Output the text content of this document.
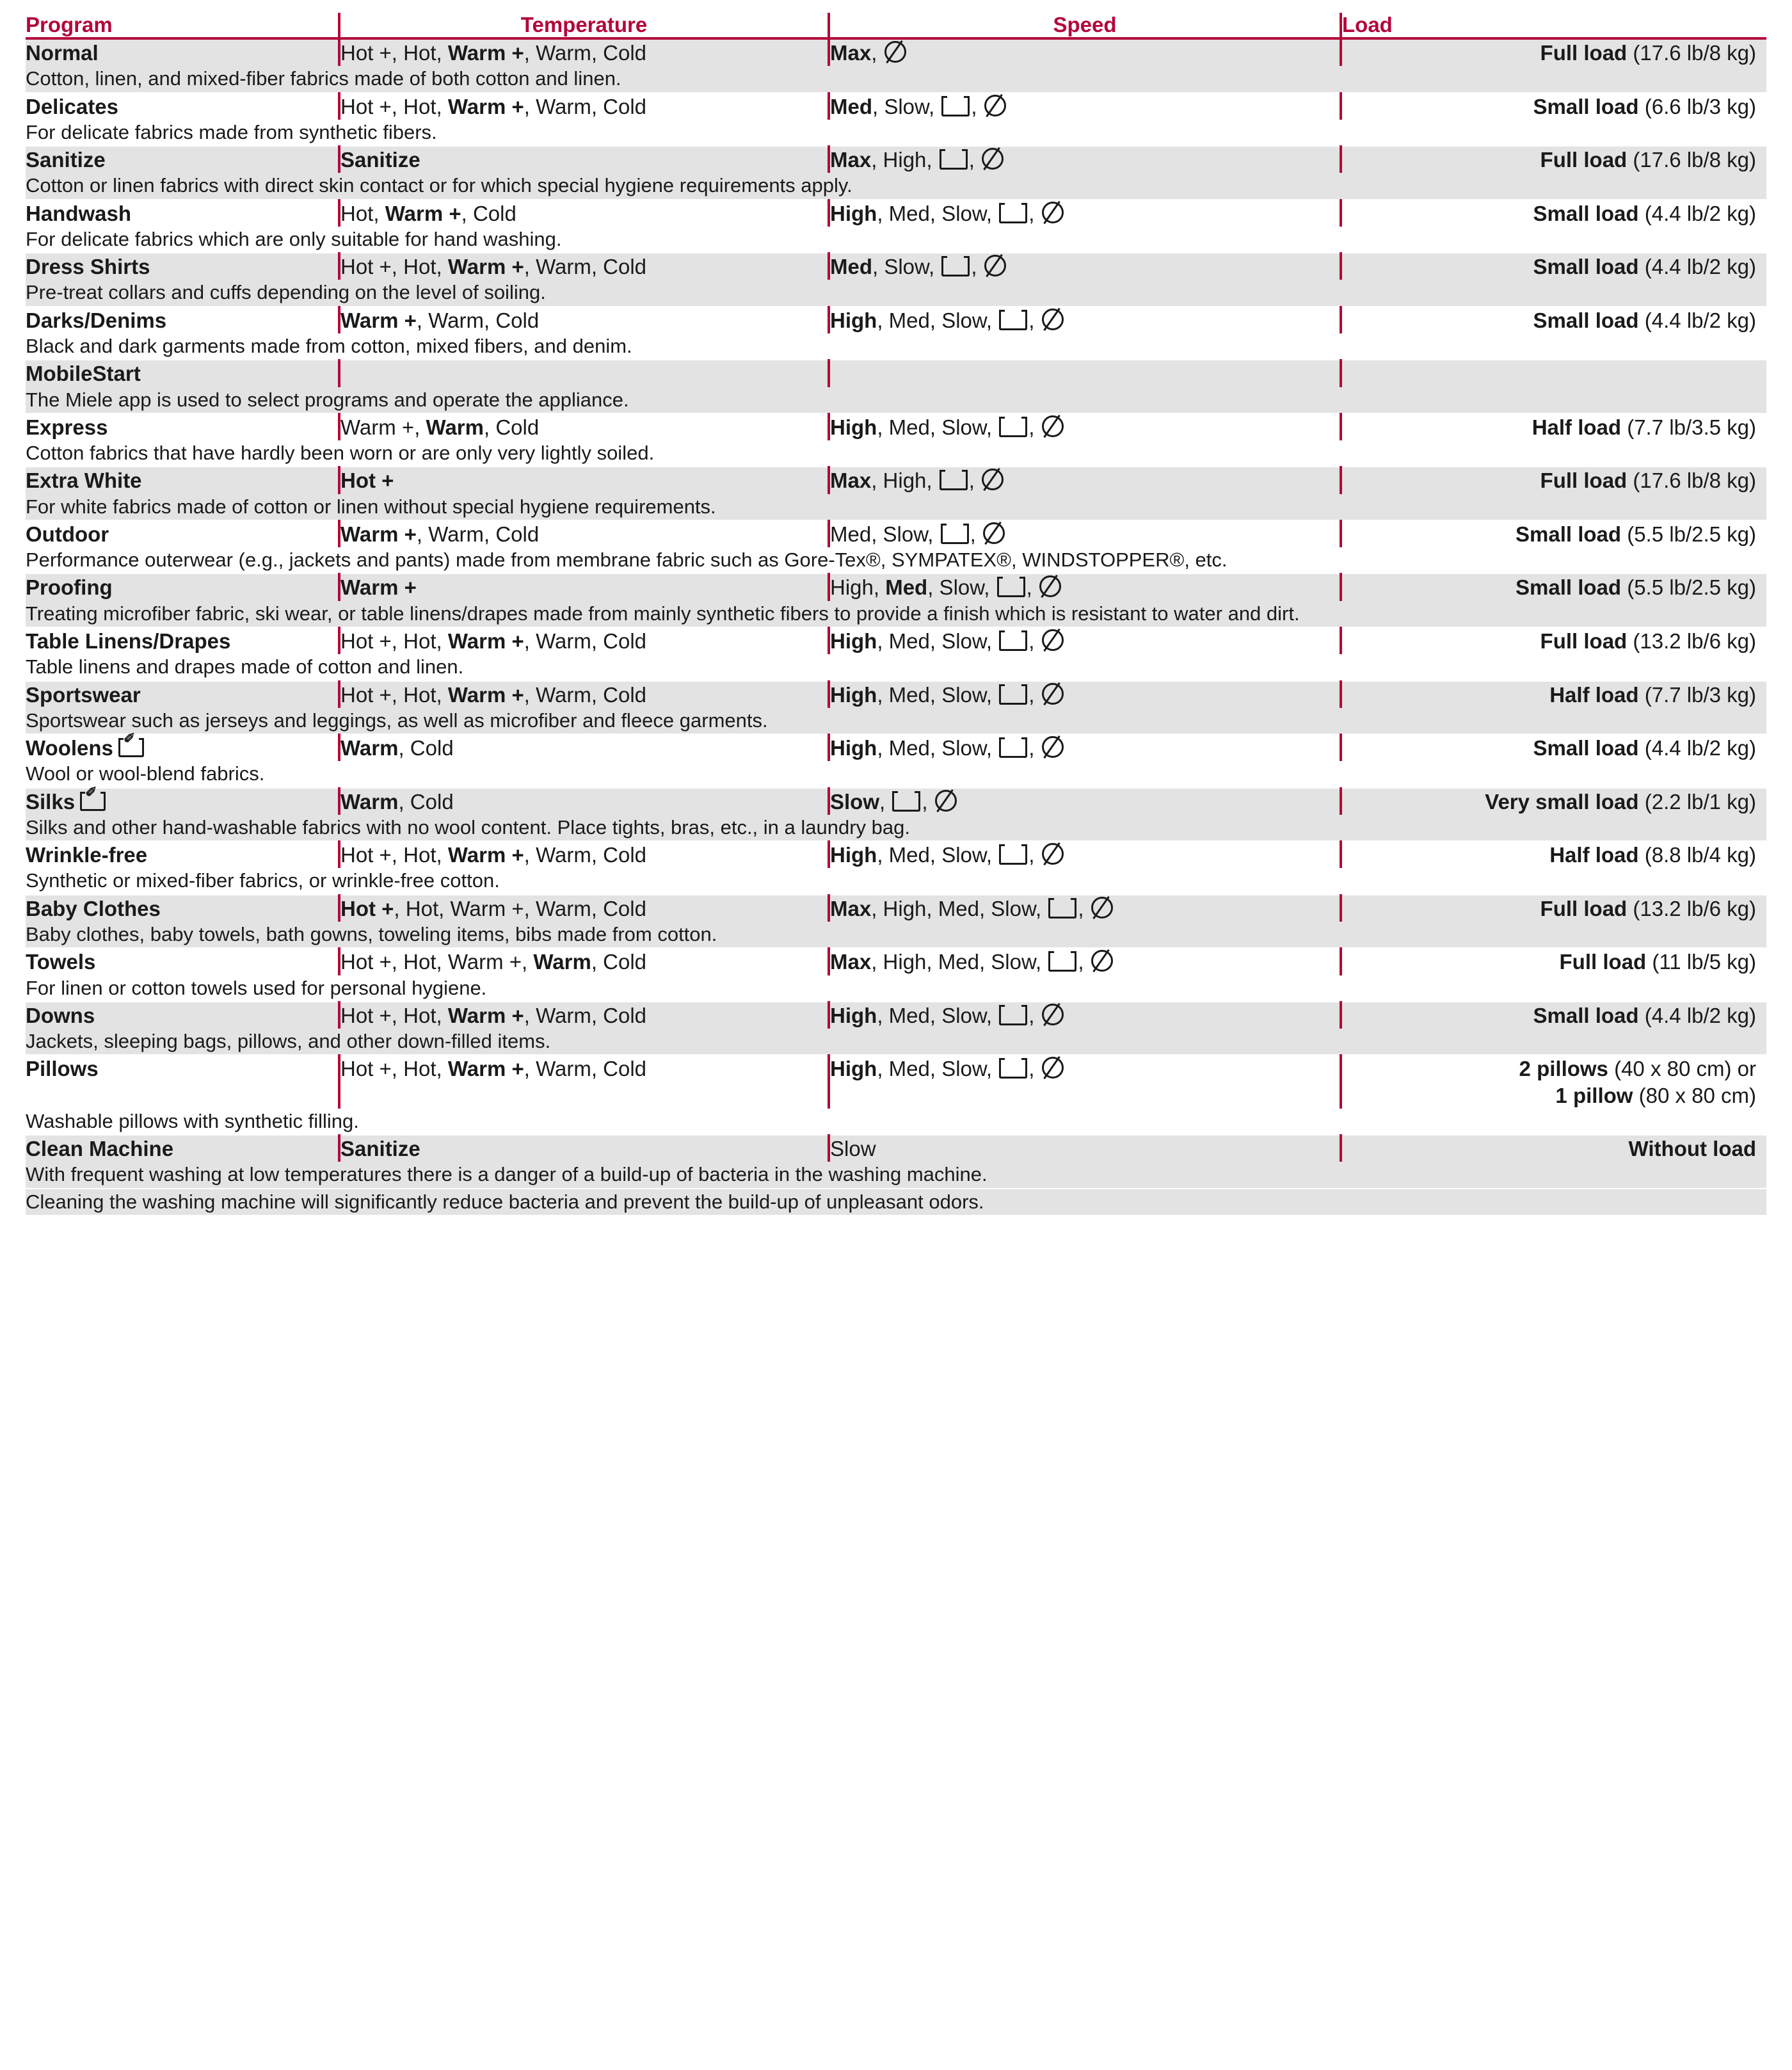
Program	Temperature	Speed	Load
Normal	Hot +, Hot, Warm +, Warm, Cold	Max,	Full load (17.6 lb/8 kg)
Cotton, linen, and mixed-fiber fabrics made of both cotton and linen.			
Delicates	Hot +, Hot, Warm +, Warm, Cold	Med, Slow, ,	Small load (6.6 lb/3 kg)
For delicate fabrics made from synthetic fibers.			
Sanitize	Sanitize	Max, High, ,	Full load (17.6 lb/8 kg)
Cotton or linen fabrics with direct skin contact or for which special hygiene requirements apply.			
Handwash	Hot, Warm +, Cold	High, Med, Slow, ,	Small load (4.4 lb/2 kg)
For delicate fabrics which are only suitable for hand washing.			
Dress Shirts	Hot +, Hot, Warm +, Warm, Cold	Med, Slow, ,	Small load (4.4 lb/2 kg)
Pre-treat collars and cuffs depending on the level of soiling.			
Darks/Denims	Warm +, Warm, Cold	High, Med, Slow, ,	Small load (4.4 lb/2 kg)
Black and dark garments made from cotton, mixed fibers, and denim.			
MobileStart			
The Miele app is used to select programs and operate the appliance.			
Express	Warm +, Warm, Cold	High, Med, Slow, ,	Half load (7.7 lb/3.5 kg)
Cotton fabrics that have hardly been worn or are only very lightly soiled.			
Extra White	Hot +	Max, High, ,	Full load (17.6 lb/8 kg)
For white fabrics made of cotton or linen without special hygiene requirements.			
Outdoor	Warm +, Warm, Cold	Med, Slow, ,	Small load (5.5 lb/2.5 kg)
Performance outerwear (e.g., jackets and pants) made from membrane fabric such as Gore-Tex®, SYMPATEX®, WINDSTOPPER®, etc.			
Proofing	Warm +	High, Med, Slow, ,	Small load (5.5 lb/2.5 kg)
Treating microfiber fabric, ski wear, or table linens/drapes made from mainly synthetic fibers to provide a finish which is resistant to water and dirt.			
Table Linens/Drapes	Hot +, Hot, Warm +, Warm, Cold	High, Med, Slow, ,	Full load (13.2 lb/6 kg)
Table linens and drapes made of cotton and linen.			
Sportswear	Hot +, Hot, Warm +, Warm, Cold	High, Med, Slow, ,	Half load (7.7 lb/3 kg)
Sportswear such as jerseys and leggings, as well as microfiber and fleece garments.			
Woolens ✐	Warm, Cold	High, Med, Slow, ,	Small load (4.4 lb/2 kg)
Wool or wool-blend fabrics.			
Silks ✐	Warm, Cold	Slow, ,	Very small load (2.2 lb/1 kg)
Silks and other hand-washable fabrics with no wool content. Place tights, bras, etc., in a laundry bag.			
Wrinkle-free	Hot +, Hot, Warm +, Warm, Cold	High, Med, Slow, ,	Half load (8.8 lb/4 kg)
Synthetic or mixed-fiber fabrics, or wrinkle-free cotton.			
Baby Clothes	Hot +, Hot, Warm +, Warm, Cold	Max, High, Med, Slow, ,	Full load (13.2 lb/6 kg)
Baby clothes, baby towels, bath gowns, toweling items, bibs made from cotton.			
Towels	Hot +, Hot, Warm +, Warm, Cold	Max, High, Med, Slow, ,	Full load (11 lb/5 kg)
For linen or cotton towels used for personal hygiene.			
Downs	Hot +, Hot, Warm +, Warm, Cold	High, Med, Slow, ,	Small load (4.4 lb/2 kg)
Jackets, sleeping bags, pillows, and other down-filled items.			
Pillows	Hot +, Hot, Warm +, Warm, Cold	High, Med, Slow, ,	2 pillows (40 x 80 cm) or
1 pillow (80 x 80 cm)
Washable pillows with synthetic filling.			
Clean Machine	Sanitize	Slow	Without load
With frequent washing at low temperatures there is a danger of a build-up of bacteria in the washing machine.			
Cleaning the washing machine will significantly reduce bacteria and prevent the build-up of unpleasant odors.			
